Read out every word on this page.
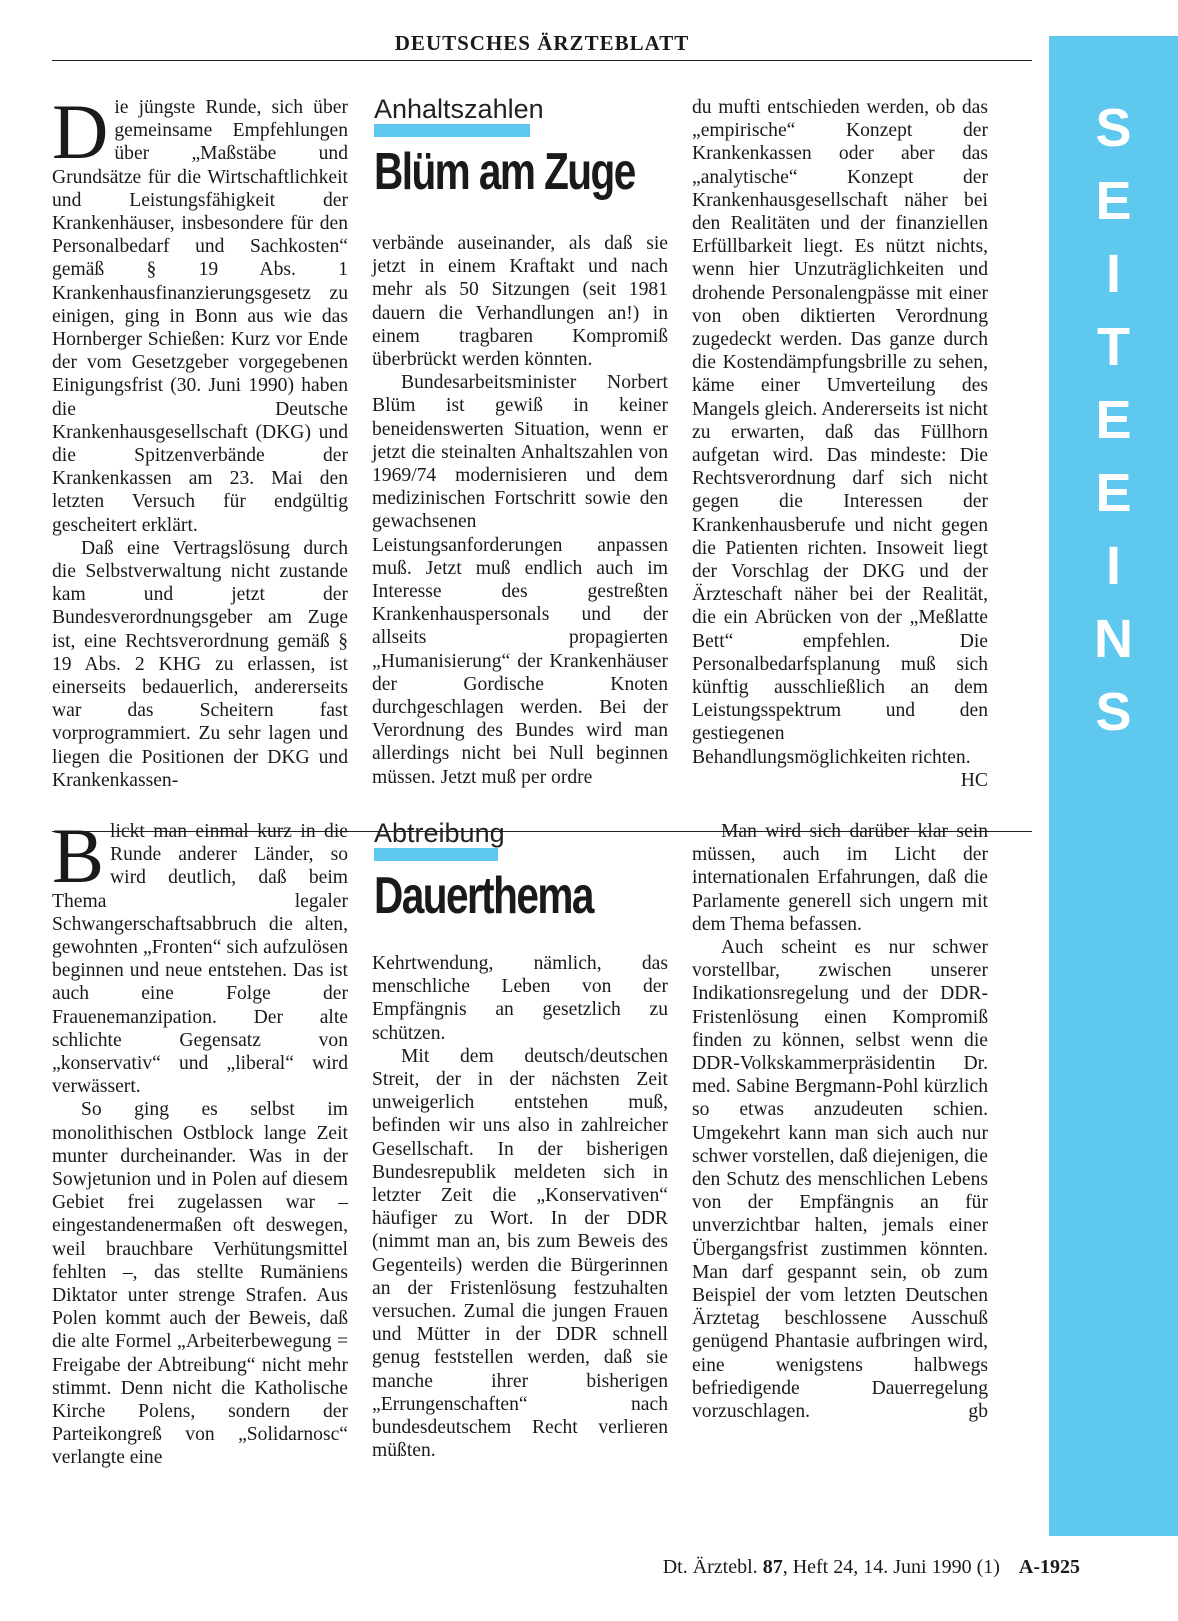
DEUTSCHES ÄRZTEBLATT
S
E
I
T
E
E
I
N
S
D ie jüngste Runde, sich über gemeinsame Empfehlungen über „Maßstäbe und Grundsätze für die Wirtschaftlichkeit und Leistungsfähigkeit der Krankenhäuser, insbesondere für den Personalbedarf und Sachkosten“ gemäß § 19 Abs. 1 Krankenhausfinanzierungsgesetz zu einigen, ging in Bonn aus wie das Hornberger Schießen: Kurz vor Ende der vom Gesetzgeber vorgegebenen Einigungsfrist (30. Juni 1990) haben die Deutsche Krankenhausgesellschaft (DKG) und die Spitzenverbände der Krankenkassen am 23. Mai den letzten Versuch für endgültig gescheitert erklärt.

Daß eine Vertragslösung durch die Selbstverwaltung nicht zustande kam und jetzt der Bundesverordnungsgeber am Zuge ist, eine Rechtsverordnung gemäß § 19 Abs. 2 KHG zu erlassen, ist einerseits bedauerlich, andererseits war das Scheitern fast vorprogrammiert. Zu sehr lagen und liegen die Positionen der DKG und Krankenkassen-

Anhaltszahlen
Blüm am Zuge

verbände auseinander, als daß sie jetzt in einem Kraftakt und nach mehr als 50 Sitzungen (seit 1981 dauern die Verhandlungen an!) in einem tragbaren Kompromiß überbrückt werden könnten.

Bundesarbeitsminister Norbert Blüm ist gewiß in keiner beneidenswerten Situation, wenn er jetzt die steinalten Anhaltszahlen von 1969/74 modernisieren und dem medizinischen Fortschritt sowie den gewachsenen Leistungsanforderungen anpassen muß. Jetzt muß endlich auch im Interesse des gestreßten Krankenhauspersonals und der allseits propagierten „Humanisierung“ der Krankenhäuser der Gordische Knoten durchgeschlagen werden. Bei der Verordnung des Bundes wird man allerdings nicht bei Null beginnen müssen. Jetzt muß per ordre

du mufti entschieden werden, ob das „empirische“ Konzept der Krankenkassen oder aber das „analytische“ Konzept der Krankenhausgesellschaft näher bei den Realitäten und der finanziellen Erfüllbarkeit liegt. Es nützt nichts, wenn hier Unzuträglichkeiten und drohende Personalengpässe mit einer von oben diktierten Verordnung zugedeckt werden. Das ganze durch die Kostendämpfungsbrille zu sehen, käme einer Umverteilung des Mangels gleich. Andererseits ist nicht zu erwarten, daß das Füllhorn aufgetan wird. Das mindeste: Die Rechtsverordnung darf sich nicht gegen die Interessen der Krankenhausberufe und nicht gegen die Patienten richten. Insoweit liegt der Vorschlag der DKG und der Ärzteschaft näher bei der Realität, die ein Abrücken von der „Meßlatte Bett“ empfehlen. Die Personalbedarfsplanung muß sich künftig ausschließlich an dem Leistungsspektrum und den gestiegenen Behandlungsmöglichkeiten richten.
HC

B lickt man einmal kurz in die Runde anderer Länder, so wird deutlich, daß beim Thema legaler Schwangerschaftsabbruch die alten, gewohnten „Fronten“ sich aufzulösen beginnen und neue entstehen. Das ist auch eine Folge der Frauenemanzipation. Der alte schlichte Gegensatz von „konservativ“ und „liberal“ wird verwässert.

So ging es selbst im monolithischen Ostblock lange Zeit munter durcheinander. Was in der Sowjetunion und in Polen auf diesem Gebiet frei zugelassen war – eingestandenermaßen oft deswegen, weil brauchbare Verhütungsmittel fehlten –, das stellte Rumäniens Diktator unter strenge Strafen. Aus Polen kommt auch der Beweis, daß die alte Formel „Arbeiterbewegung = Freigabe der Abtreibung“ nicht mehr stimmt. Denn nicht die Katholische Kirche Polens, sondern der Parteikongreß von „Solidarnosc“ verlangte eine

Abtreibung
Dauerthema

Kehrtwendung, nämlich, das menschliche Leben von der Empfängnis an gesetzlich zu schützen.

Mit dem deutsch/deutschen Streit, der in der nächsten Zeit unweigerlich entstehen muß, befinden wir uns also in zahlreicher Gesellschaft. In der bisherigen Bundesrepublik meldeten sich in letzter Zeit die „Konservativen“ häufiger zu Wort. In der DDR (nimmt man an, bis zum Beweis des Gegenteils) werden die Bürgerinnen an der Fristenlösung festzuhalten versuchen. Zumal die jungen Frauen und Mütter in der DDR schnell genug feststellen werden, daß sie manche ihrer bisherigen „Errungenschaften“ nach bundesdeutschem Recht verlieren müßten.

Man wird sich darüber klar sein müssen, auch im Licht der internationalen Erfahrungen, daß die Parlamente generell sich ungern mit dem Thema befassen.

Auch scheint es nur schwer vorstellbar, zwischen unserer Indikationsregelung und der DDR-Fristenlösung einen Kompromiß finden zu können, selbst wenn die DDR-Volkskammerpräsidentin Dr. med. Sabine Bergmann-Pohl kürzlich so etwas anzudeuten schien. Umgekehrt kann man sich auch nur schwer vorstellen, daß diejenigen, die den Schutz des menschlichen Lebens von der Empfängnis an für unverzichtbar halten, jemals einer Übergangsfrist zustimmen könnten. Man darf gespannt sein, ob zum Beispiel der vom letzten Deutschen Ärztetag beschlossene Ausschuß genügend Phantasie aufbringen wird, eine wenigstens halbwegs befriedigende Dauerregelung vorzuschlagen.	gb

Dt. Ärztebl. 87, Heft 24, 14. Juni 1990 (1) A-1925
